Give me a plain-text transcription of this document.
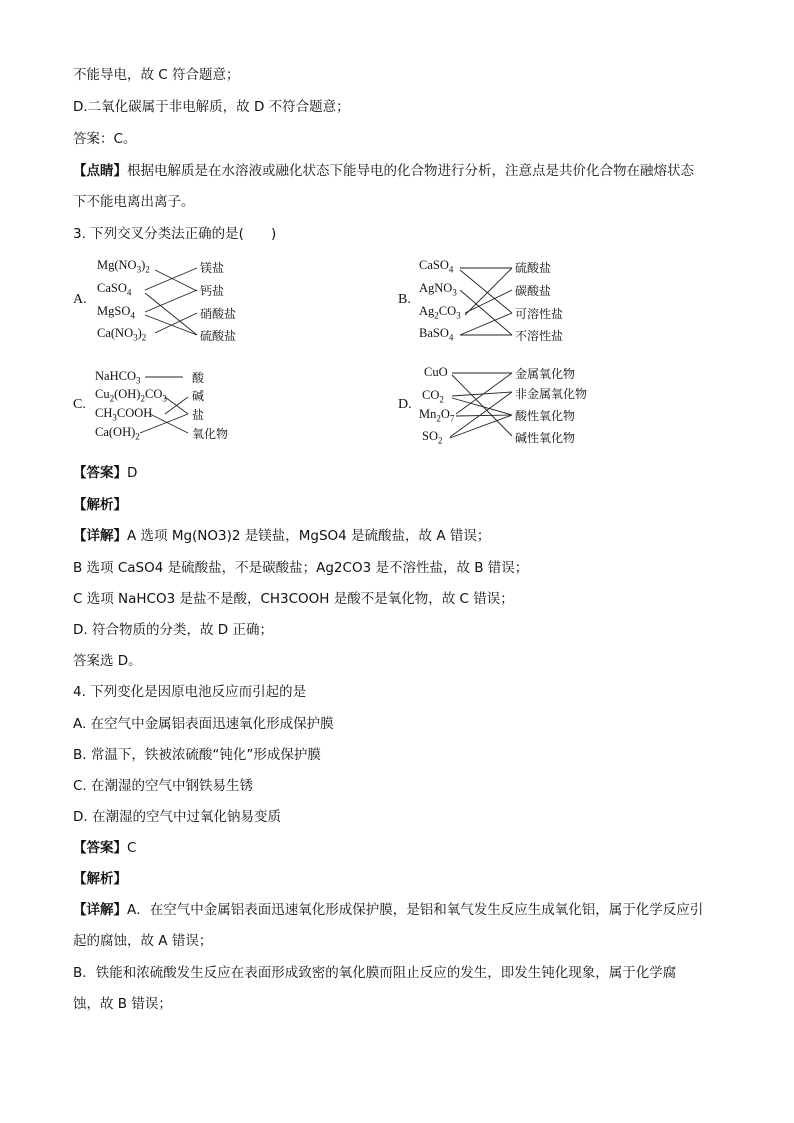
不能导电，故 C 符合题意；
D.二氧化碳属于非电解质，故 D 不符合题意；
答案：C。
【点睛】根据电解质是在水溶液或融化状态下能导电的化合物进行分析，注意点是共价化合物在融熔状态
下不能电离出离子。
3. 下列交叉分类法正确的是(　　)
A.
$Mg(NO_3)_2$
CaSO$_4$
MgSO$_4$
$Ca(NO_3)_2$
镁盐
钙盐
硝酸盐
硫酸盐
B.
CaSO$_4$
AgNO$_3$
$Ag_2CO_3$
BaSO$_4$
硫酸盐
碳酸盐
可溶性盐
不溶性盐
C.
NaHCO$_3$
$Cu_2(OH)_2CO_3$
$CH_3COOH$
$Ca(OH)_2$
酸
碱
盐
氧化物
D.
CuO
$CO_2$
$Mn_2O_7$
$SO_2$
金属氧化物
非金属氧化物
酸性氧化物
碱性氧化物
【答案】D
【解析】
【详解】A 选项 Mg(NO3)2 是镁盐，MgSO4 是硫酸盐，故 A 错误；
B 选项 CaSO4 是硫酸盐，不是碳酸盐；Ag2CO3 是不溶性盐，故 B 错误；
C 选项 NaHCO3 是盐不是酸，CH3COOH 是酸不是氧化物，故 C 错误；
D. 符合物质的分类，故 D 正确；
答案选 D。
4. 下列变化是因原电池反应而引起的是
A. 在空气中金属铝表面迅速氧化形成保护膜
B. 常温下，铁被浓硫酸“钝化”形成保护膜
C. 在潮湿的空气中钢铁易生锈
D. 在潮湿的空气中过氧化钠易变质
【答案】C
【解析】
【详解】A．在空气中金属铝表面迅速氧化形成保护膜，是铝和氧气发生反应生成氧化铝，属于化学反应引
起的腐蚀，故 A 错误；
B．铁能和浓硫酸发生反应在表面形成致密的氧化膜而阻止反应的发生，即发生钝化现象，属于化学腐
蚀，故 B 错误；
